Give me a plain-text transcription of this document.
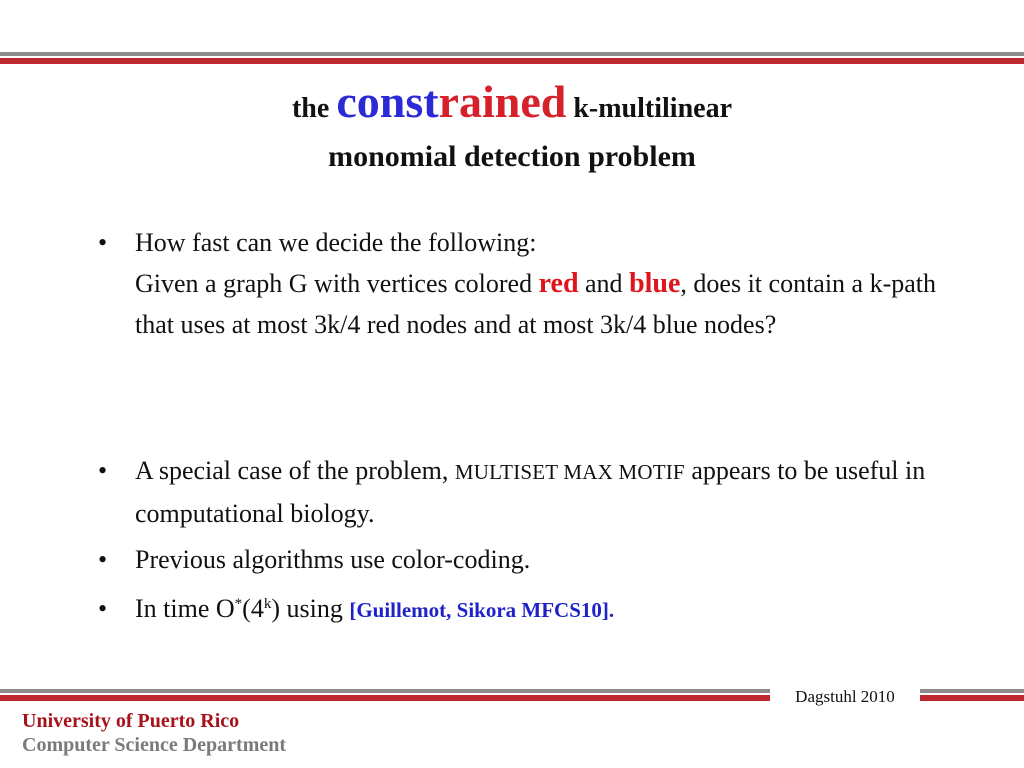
the constrained k-multilinear
monomial detection problem
• How fast can we decide the following:
Given a graph G with vertices colored red and blue, does it contain a k-path that uses at most 3k/4 red nodes and at most 3k/4 blue nodes?
• A special case of the problem, MULTISET MAX MOTIF appears to be useful in computational biology.
• Previous algorithms use color-coding.
• In time O*(4$^k$) using [Guillemot, Sikora MFCS10].
Dagstuhl 2010
University of Puerto Rico
Computer Science Department
